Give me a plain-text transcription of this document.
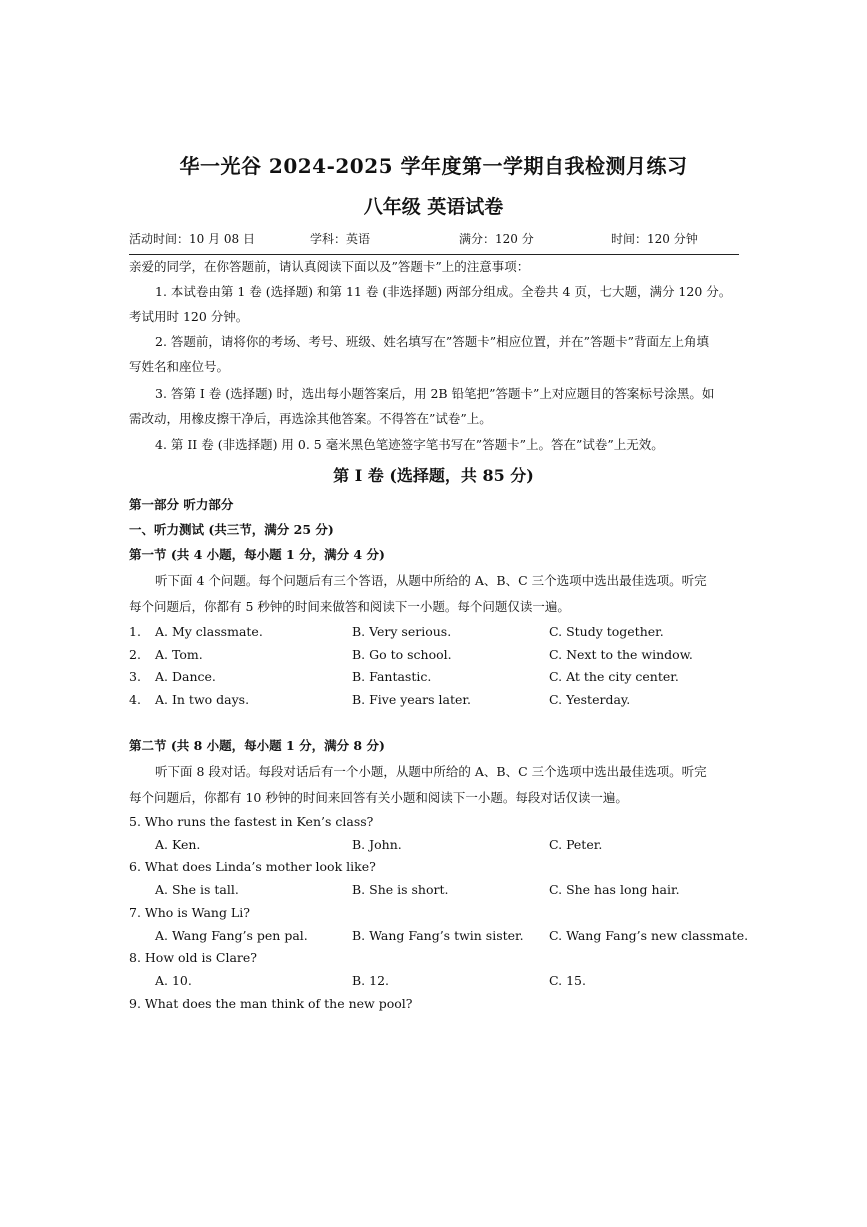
华一光谷 2024-2025 学年度第一学期自我检测月练习
八年级 英语试卷
活动时间：10 月 08 日	学科：英语	满分：120 分	时间：120 分钟
亲爱的同学，在你答题前，请认真阅读下面以及”答题卡”上的注意事项：
1. 本试卷由第 1 卷 (选择题) 和第 11 卷 (非选择题) 两部分组成。全卷共 4 页，七大题，满分 120 分。
考试用时 120 分钟。
2. 答题前，请将你的考场、考号、班级、姓名填写在”答题卡”相应位置，并在”答题卡”背面左上角填
写姓名和座位号。
3. 答第 I 卷 (选择题) 时，选出每小题答案后，用 2B 铅笔把”答题卡”上对应题目的答案标号涂黑。如
需改动，用橡皮擦干净后，再选涂其他答案。不得答在”试卷”上。
4. 第 II 卷 (非选择题) 用 0. 5 毫米黑色笔迹签字笔书写在”答题卡”上。答在”试卷”上无效。
第 I 卷 (选择题，共 85 分)
第一部分 听力部分
一、听力测试 (共三节，满分 25 分)
第一节 (共 4 小题，每小题 1 分，满分 4 分)
听下面 4 个问题。每个问题后有三个答语，从题中所给的 A、B、C 三个选项中选出最佳选项。听完
每个问题后，你都有 5 秒钟的时间来做答和阅读下一小题。每个问题仅读一遍。
1. A. My classmate.	B. Very serious.	C. Study together.
2. A. Tom.	B. Go to school.	C. Next to the window.
3. A. Dance.	B. Fantastic.	C. At the city center.
4. A. In two days.	B. Five years later.	C. Yesterday.
第二节 (共 8 小题，每小题 1 分，满分 8 分)
听下面 8 段对话。每段对话后有一个小题，从题中所给的 A、B、C 三个选项中选出最佳选项。听完
每个问题后，你都有 10 秒钟的时间来回答有关小题和阅读下一小题。每段对话仅读一遍。
5. Who runs the fastest in Ken’s class?
A. Ken.	B. John.	C. Peter.
6. What does Linda’s mother look like?
A. She is tall.	B. She is short.	C. She has long hair.
7. Who is Wang Li?
A. Wang Fang’s pen pal.	B. Wang Fang’s twin sister. C. Wang Fang’s new classmate.
8. How old is Clare?
A. 10.	B. 12.	C. 15.
9. What does the man think of the new pool?
